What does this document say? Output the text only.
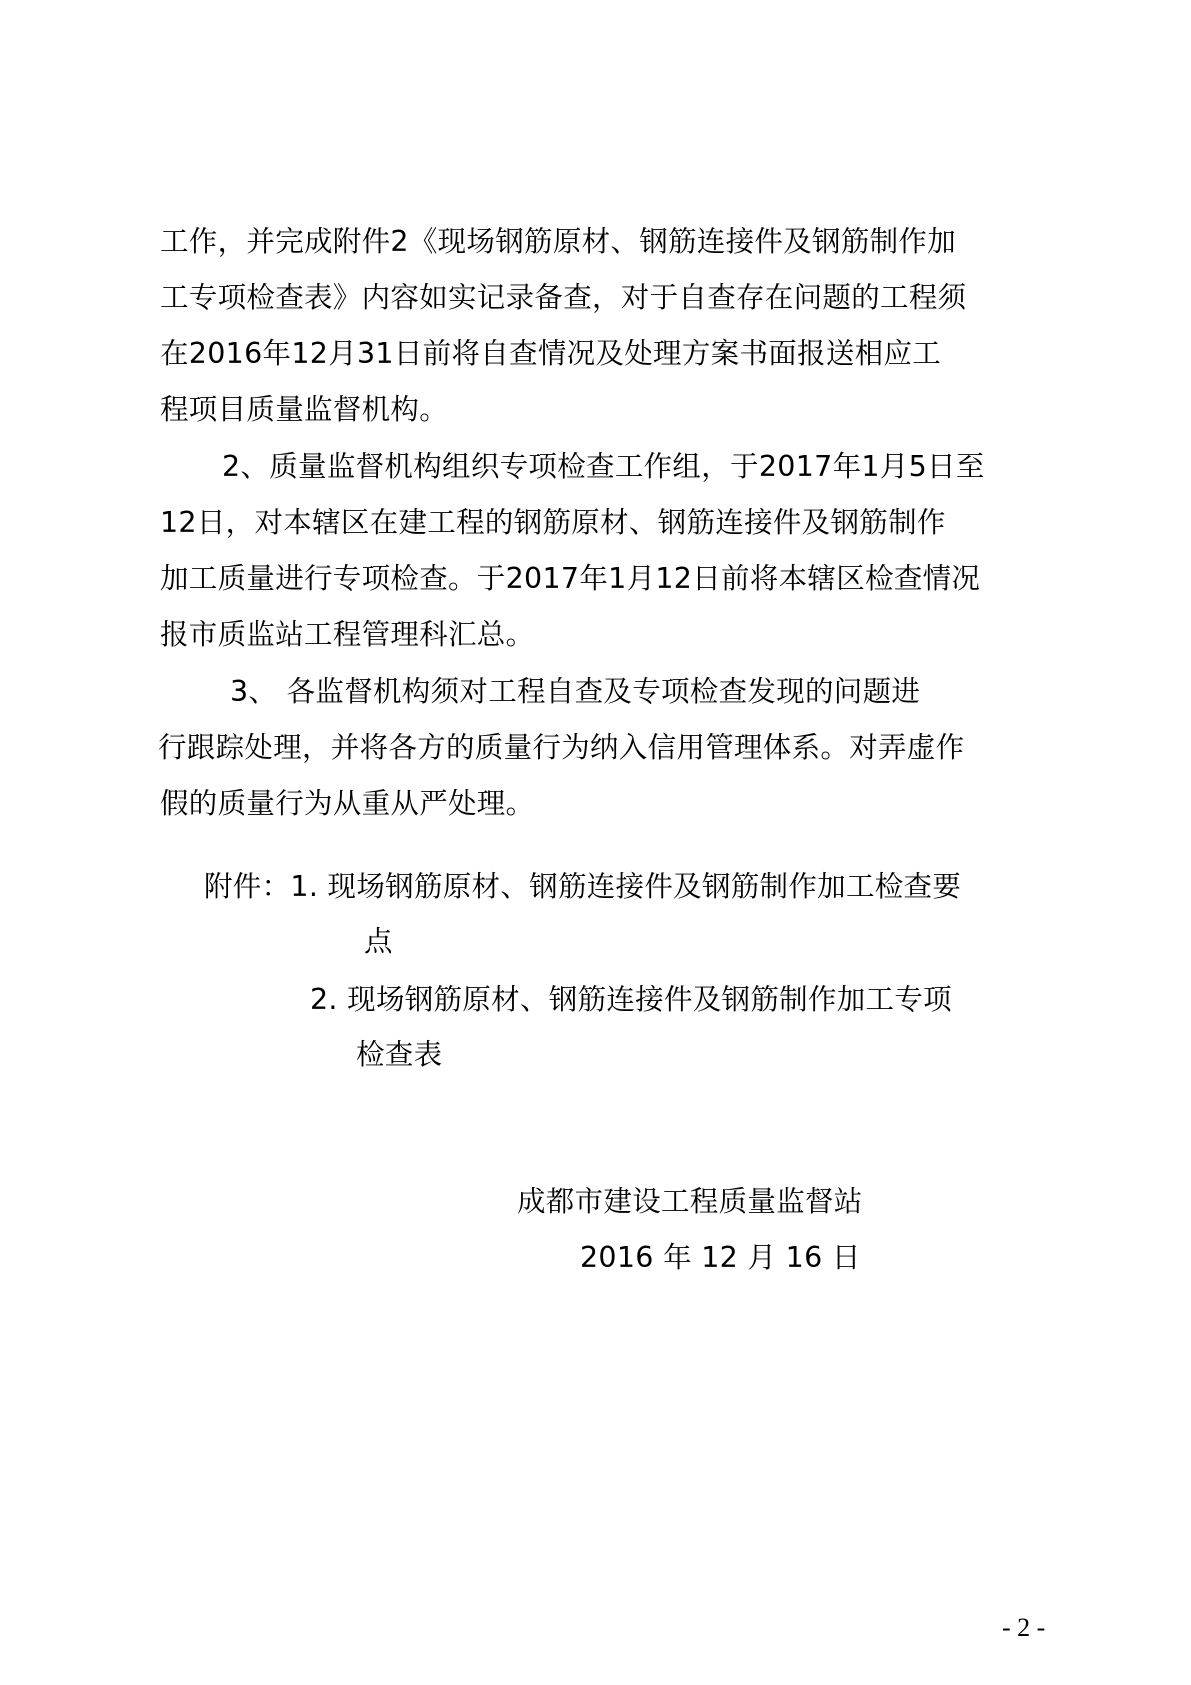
工作，并完成附件2《现场钢筋原材、钢筋连接件及钢筋制作加
工专项检查表》内容如实记录备查，对于自查存在问题的工程须
在2016年12月31日前将自查情况及处理方案书面报送相应工
程项目质量监督机构。
2、质量监督机构组织专项检查工作组，于2017年1月5日至
12日，对本辖区在建工程的钢筋原材、钢筋连接件及钢筋制作
加工质量进行专项检查。于2017年1月12日前将本辖区检查情况
报市质监站工程管理科汇总。
3、 各监督机构须对工程自查及专项检查发现的问题进
行跟踪处理，并将各方的质量行为纳入信用管理体系。对弄虚作
假的质量行为从重从严处理。
附件：1. 现场钢筋原材、钢筋连接件及钢筋制作加工检查要
点
2. 现场钢筋原材、钢筋连接件及钢筋制作加工专项
检查表
成都市建设工程质量监督站
2016 年 12 月 16 日
- 2 -
